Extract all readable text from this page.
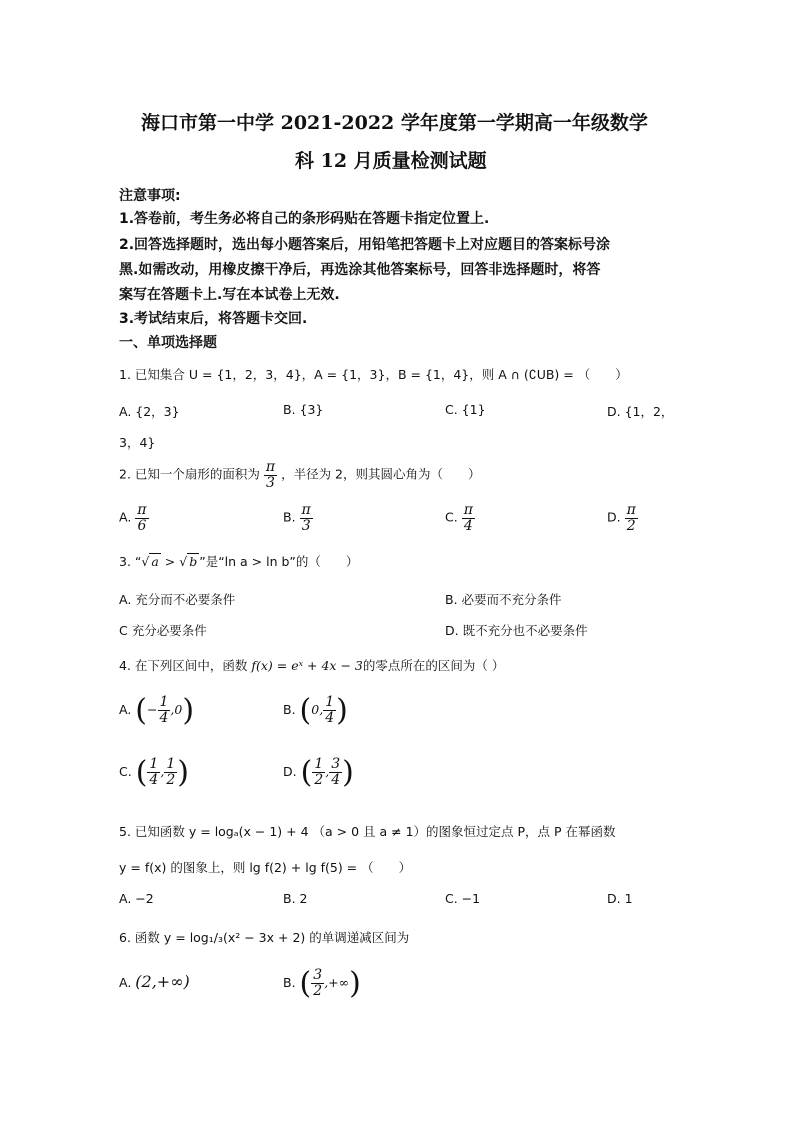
海口市第一中学 2021-2022 学年度第一学期高一年级数学
科 12 月质量检测试题
注意事项:
1.答卷前，考生务必将自己的条形码贴在答题卡指定位置上.
2.回答选择题时，选出每小题答案后，用铅笔把答题卡上对应题目的答案标号涂
黑.如需改动，用橡皮擦干净后，再选涂其他答案标号，回答非选择题时，将答
案写在答题卡上.写在本试卷上无效.
3.考试结束后，将答题卡交回.
一、单项选择题
1. 已知集合 U = {1，2，3，4}，A = {1，3}，B = {1，4}，则 A ∩ (∁UB) = （　　）
A. {2，3}	B. {3}	C. {1}	D. {1，2，
3，4}
2. 已知一个扇形的面积为 $\frac{\pi}{3}$ ，半径为 2，则其圆心角为（　　）
A. $\frac{\pi}{6}$	B. $\frac{\pi}{3}$	C. $\frac{\pi}{4}$	D. $\frac{\pi}{2}$
3. “√ a > √ b ”是“ln a > ln b”的（　　）
A. 充分而不必要条件	B. 必要而不充分条件
C 充分必要条件	D. 既不充分也不必要条件
4. 在下列区间中，函数 f(x) = eˣ + 4x − 3的零点所在的区间为（ ）
A. (− $\frac{1}{4} ,0$)	B. (0, $\frac{1}{4}$ )
C. ( $\frac{1}{4}$ , $\frac{1}{2}$ )	D. ( $\frac{1}{2}$ , $\frac{3}{4}$ )
5. 已知函数 y = logₐ(x − 1) + 4 （a > 0 且 a ≠ 1）的图象恒过定点 P，点 P 在幂函数
y = f(x) 的图象上，则 lg f(2) + lg f(5) = （　　）
A. −2	B. 2	C. −1	D. 1
6. 函数 y = log₁/₃(x² − 3x + 2) 的单调递减区间为
A. (2,+∞)	B. ( $\frac{3}{2}$ ,+∞)
